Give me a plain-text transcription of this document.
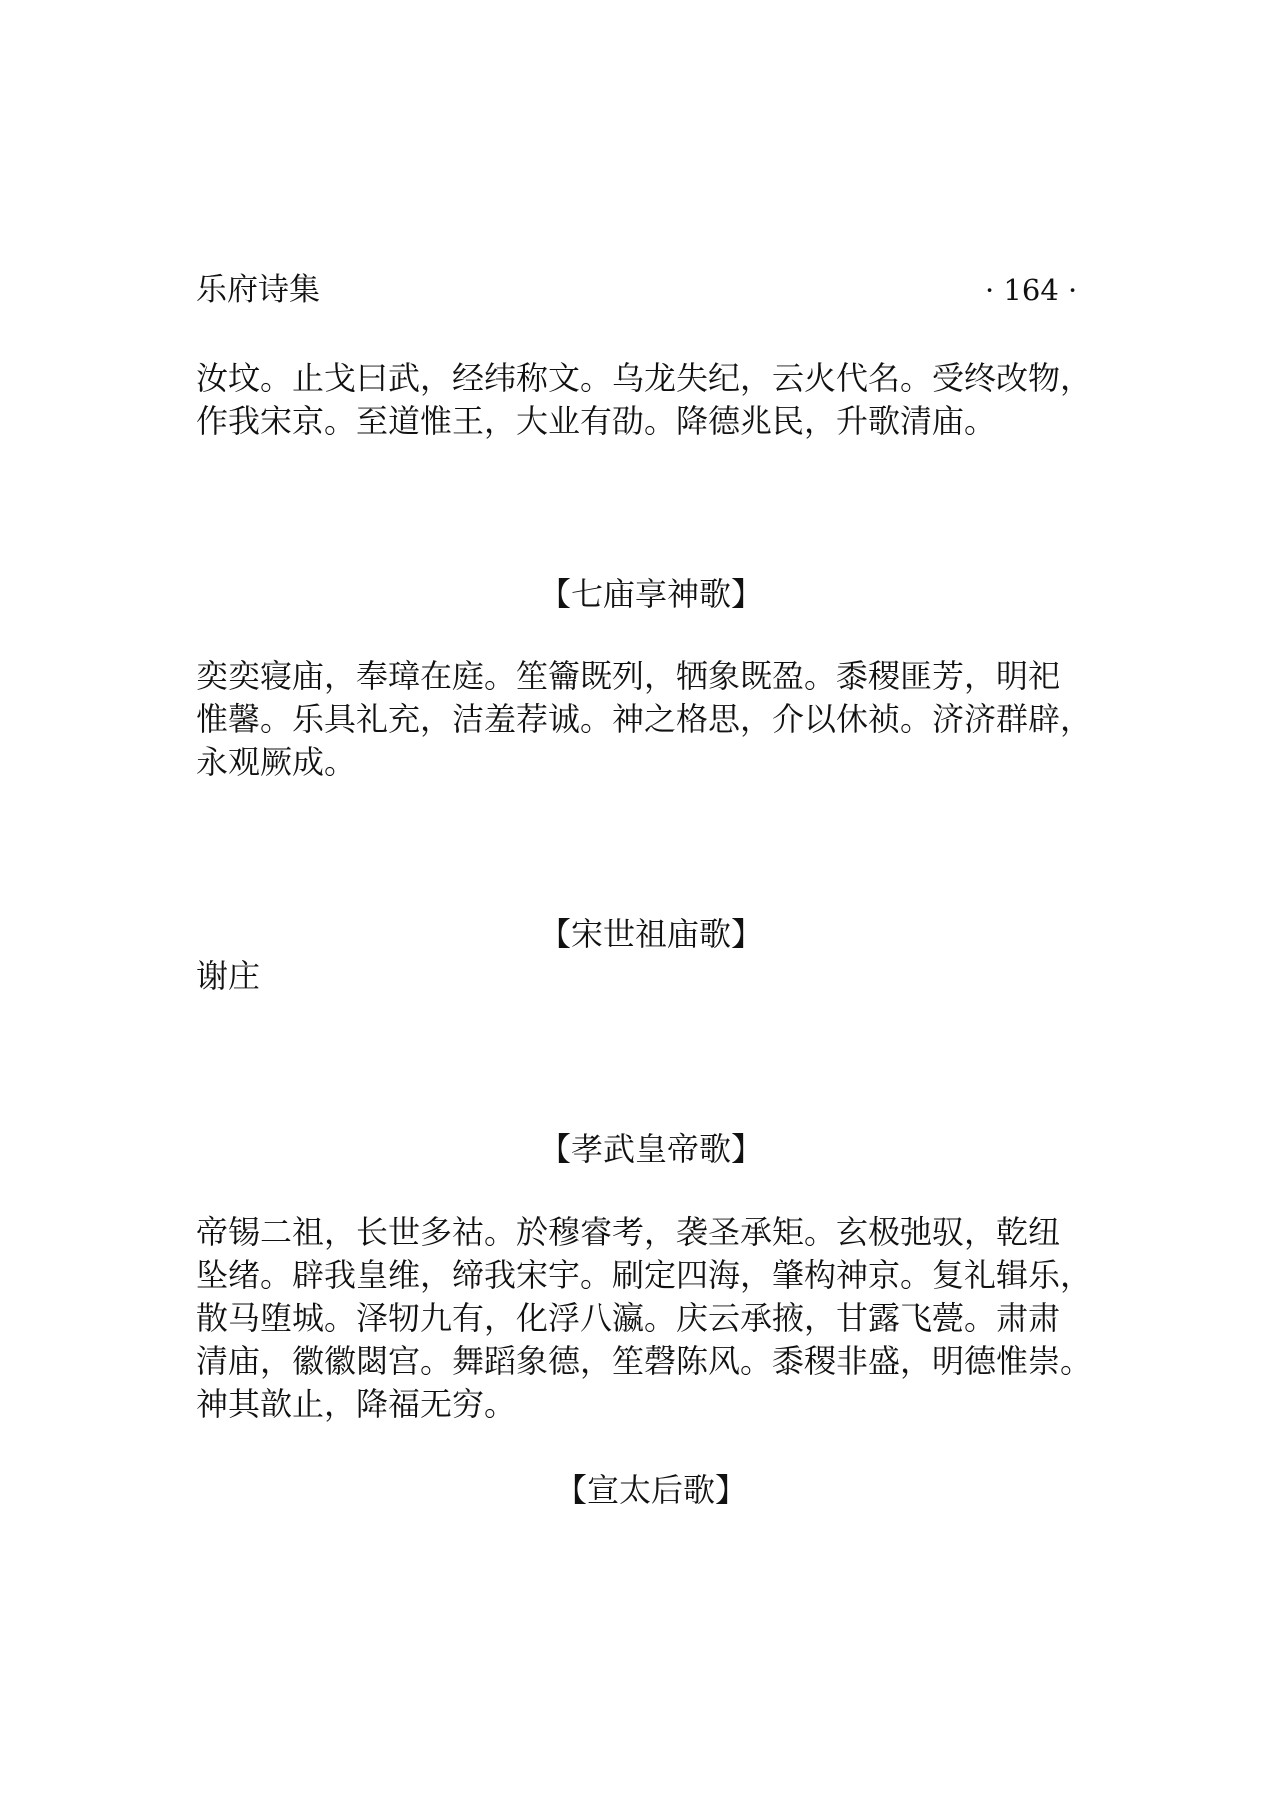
乐府诗集	· 164 ·

汝坟。止戈曰武，经纬称文。乌龙失纪，云火代名。受终改物，
作我宋京。至道惟王，大业有劭。降德兆民，升歌清庙。

【七庙享神歌】

奕奕寝庙，奉璋在庭。笙籥既列，牺象既盈。黍稷匪芳，明祀
惟馨。乐具礼充，洁羞荐诚。神之格思，介以休祯。济济群辟，
永观厥成。

【宋世祖庙歌】
谢庄
【孝武皇帝歌】

帝锡二祖，长世多祜。於穆睿考，袭圣承矩。玄极弛驭，乾纽
坠绪。辟我皇维，缔我宋宇。刷定四海，肇构神京。复礼辑乐，
散马堕城。泽牣九有，化浮八瀛。庆云承掖，甘露飞甍。肃肃
清庙，徽徽閟宫。舞蹈象德，笙磬陈风。黍稷非盛，明德惟崇。
神其歆止，降福无穷。

【宣太后歌】
